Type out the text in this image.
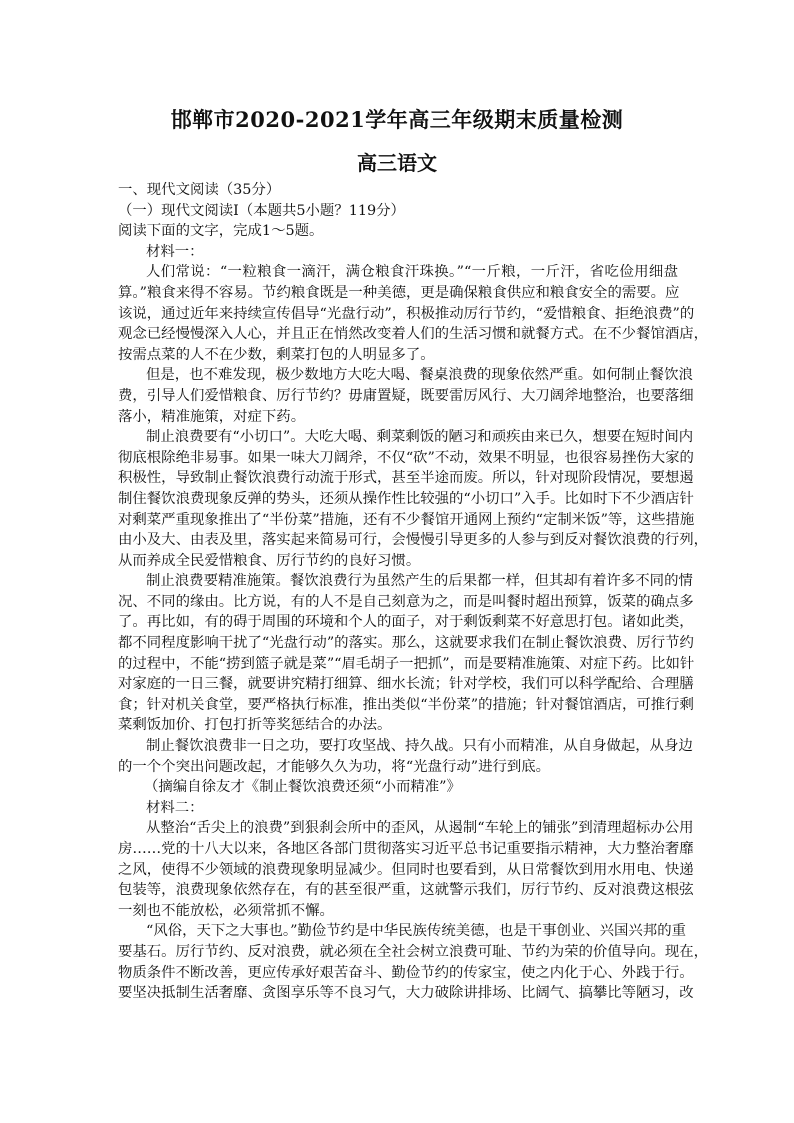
邯郸市2020-2021学年高三年级期末质量检测
高三语文
一、现代文阅读（35分）
（一）现代文阅读Ⅰ（本题共5小题？119分）
阅读下面的文字，完成1～5题。
材料一：
人们常说：“一粒粮食一滴汗，满仓粮食汗珠换。”“一斤粮，一斤汗，省吃俭用细盘
算。”粮食来得不容易。节约粮食既是一种美德，更是确保粮食供应和粮食安全的需要。应
该说，通过近年来持续宣传倡导“光盘行动”，积极推动厉行节约，“爱惜粮食、拒绝浪费”的
观念已经慢慢深入人心，并且正在悄然改变着人们的生活习惯和就餐方式。在不少餐馆酒店，
按需点菜的人不在少数，剩菜打包的人明显多了。
但是，也不难发现，极少数地方大吃大喝、餐桌浪费的现象依然严重。如何制止餐饮浪
费，引导人们爱惜粮食、厉行节约？毋庸置疑，既要雷厉风行、大刀阔斧地整治，也要落细
落小，精准施策，对症下药。
制止浪费要有“小切口”。大吃大喝、剩菜剩饭的陋习和顽疾由来已久，想要在短时间内
彻底根除绝非易事。如果一味大刀阔斧，不仅“砍”不动，效果不明显，也很容易挫伤大家的
积极性，导致制止餐饮浪费行动流于形式，甚至半途而废。所以，针对现阶段情况，要想遏
制住餐饮浪费现象反弹的势头，还须从操作性比较强的“小切口”入手。比如时下不少酒店针
对剩菜严重现象推出了“半份菜”措施，还有不少餐馆开通网上预约“定制米饭”等，这些措施
由小及大、由表及里，落实起来简易可行，会慢慢引导更多的人参与到反对餐饮浪费的行列，
从而养成全民爱惜粮食、厉行节约的良好习惯。
制止浪费要精准施策。餐饮浪费行为虽然产生的后果都一样，但其却有着许多不同的情
况、不同的缘由。比方说，有的人不是自己刻意为之，而是叫餐时超出预算，饭菜的确点多
了。再比如，有的碍于周围的环境和个人的面子，对于剩饭剩菜不好意思打包。诸如此类，
都不同程度影响干扰了“光盘行动”的落实。那么，这就要求我们在制止餐饮浪费、厉行节约
的过程中，不能“捞到篮子就是菜”“眉毛胡子一把抓”，而是要精准施策、对症下药。比如针
对家庭的一日三餐，就要讲究精打细算、细水长流；针对学校，我们可以科学配给、合理膳
食；针对机关食堂，要严格执行标准，推出类似“半份菜”的措施；针对餐馆酒店，可推行剩
菜剩饭加价、打包打折等奖惩结合的办法。
制止餐饮浪费非一日之功，要打攻坚战、持久战。只有小而精准，从自身做起，从身边
的一个个突出问题改起，才能够久久为功，将“光盘行动”进行到底。
（摘编自徐友才《制止餐饮浪费还须“小而精准”》
材料二：
从整治“舌尖上的浪费”到狠刹会所中的歪风，从遏制“车轮上的铺张”到清理超标办公用
房……党的十八大以来，各地区各部门贯彻落实习近平总书记重要指示精神，大力整治奢靡
之风，使得不少领域的浪费现象明显减少。但同时也要看到，从日常餐饮到用水用电、快递
包装等，浪费现象依然存在，有的甚至很严重，这就警示我们，厉行节约、反对浪费这根弦
一刻也不能放松，必须常抓不懈。
“风俗，天下之大事也。”勤俭节约是中华民族传统美德，也是干事创业、兴国兴邦的重
要基石。厉行节约、反对浪费，就必须在全社会树立浪费可耻、节约为荣的价值导向。现在，
物质条件不断改善，更应传承好艰苦奋斗、勤俭节约的传家宝，使之内化于心、外践于行。
要坚决抵制生活奢靡、贪图享乐等不良习气，大力破除讲排场、比阔气、搞攀比等陋习，改
